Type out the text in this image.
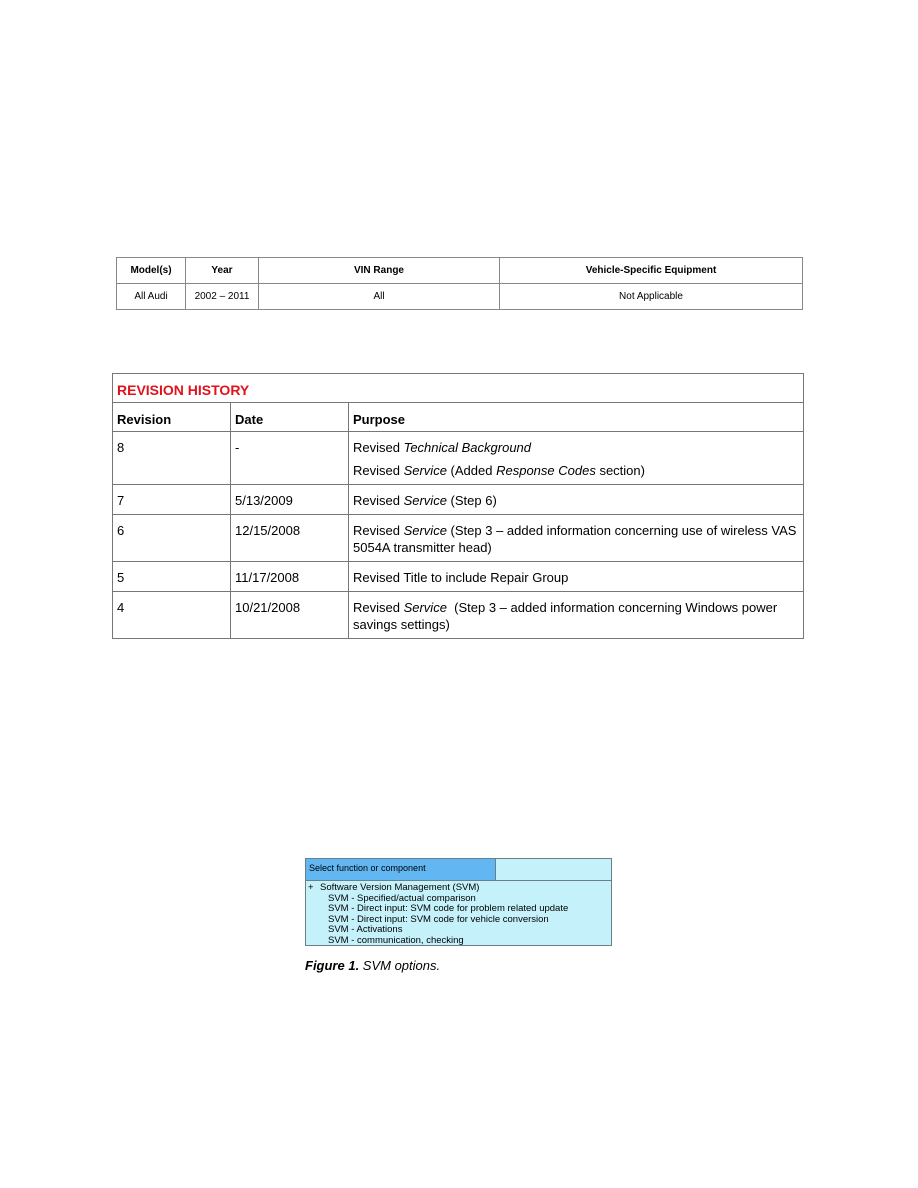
Model(s)	Year	VIN Range	Vehicle-Specific Equipment
All Audi	2002 – 2011	All	Not Applicable
REVISION HISTORY		
Revision	Date	Purpose
8	-	Revised Technical Background

Revised Service (Added Response Codes section)

7	5/13/2009	Revised Service (Step 6)

6	12/15/2008	Revised Service (Step 3 – added information concerning use of wireless VAS 5054A transmitter head)

5	11/17/2008	Revised Title to include Repair Group

4	10/21/2008	Revised Service  (Step 3 – added information concerning Windows power savings settings)

Select function or component
+ Software Version Management (SVM)
SVM - Specified/actual comparison
SVM - Direct input: SVM code for problem related update
SVM - Direct input: SVM code for vehicle conversion
SVM - Activations
SVM - communication, checking
Figure 1. SVM options.
